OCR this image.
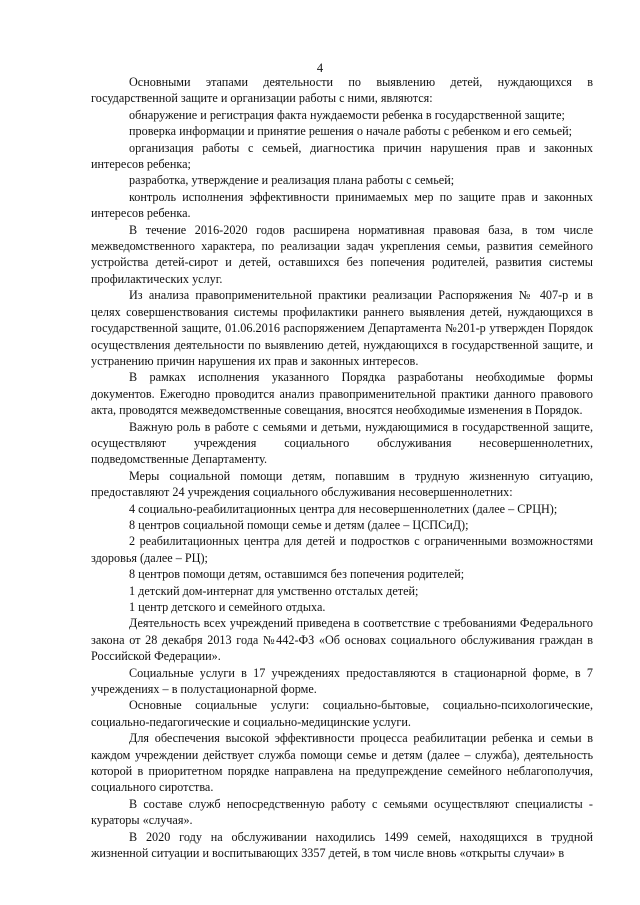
4

Основными этапами деятельности по выявлению детей, нуждающихся в государственной защите и организации работы с ними, являются:

обнаружение и регистрация факта нуждаемости ребенка в государственной защите;

проверка информации и принятие решения о начале работы с ребенком и его семьей;

организация работы с семьей, диагностика причин нарушения прав и законных интересов ребенка;

разработка, утверждение и реализация плана работы с семьей;

контроль исполнения эффективности принимаемых мер по защите прав и законных интересов ребенка.

В течение 2016-2020 годов расширена нормативная правовая база, в том числе межведомственного характера, по реализации задач укрепления семьи, развития семейного устройства детей-сирот и детей, оставшихся без попечения родителей, развития системы профилактических услуг.

Из анализа правоприменительной практики реализации Распоряжения № 407-р и в целях совершенствования системы профилактики раннего выявления детей, нуждающихся в государственной защите, 01.06.2016 распоряжением Департамента №201-р утвержден Порядок осуществления деятельности по выявлению детей, нуждающихся в государственной защите, и устранению причин нарушения их прав и законных интересов.

В рамках исполнения указанного Порядка разработаны необходимые формы документов. Ежегодно проводится анализ правоприменительной практики данного правового акта, проводятся межведомственные совещания, вносятся необходимые изменения в Порядок.

Важную роль в работе с семьями и детьми, нуждающимися в государственной защите, осуществляют учреждения социального обслуживания несовершеннолетних, подведомственные Департаменту.

Меры социальной помощи детям, попавшим в трудную жизненную ситуацию, предоставляют 24 учреждения социального обслуживания несовершеннолетних:

4 социально-реабилитационных центра для несовершеннолетних (далее – СРЦН);

8 центров социальной помощи семье и детям (далее – ЦСПСиД);

2 реабилитационных центра для детей и подростков с ограниченными возможностями здоровья (далее – РЦ);

8 центров помощи детям, оставшимся без попечения родителей;

1 детский дом-интернат для умственно отсталых детей;

1 центр детского и семейного отдыха.

Деятельность всех учреждений приведена в соответствие с требованиями Федерального закона от 28 декабря 2013 года №442-ФЗ «Об основах социального обслуживания граждан в Российской Федерации».

Социальные услуги в 17 учреждениях предоставляются в стационарной форме, в 7 учреждениях – в полустационарной форме.

Основные социальные услуги: социально-бытовые, социально-психологические, социально-педагогические и социально-медицинские услуги.

Для обеспечения высокой эффективности процесса реабилитации ребенка и семьи в каждом учреждении действует служба помощи семье и детям (далее – служба), деятельность которой в приоритетном порядке направлена на предупреждение семейного неблагополучия, социального сиротства.

В составе служб непосредственную работу с семьями осуществляют специалисты - кураторы «случая».

В 2020 году на обслуживании находились 1499 семей, находящихся в трудной жизненной ситуации и воспитывающих 3357 детей, в том числе вновь «открыты случаи» в
